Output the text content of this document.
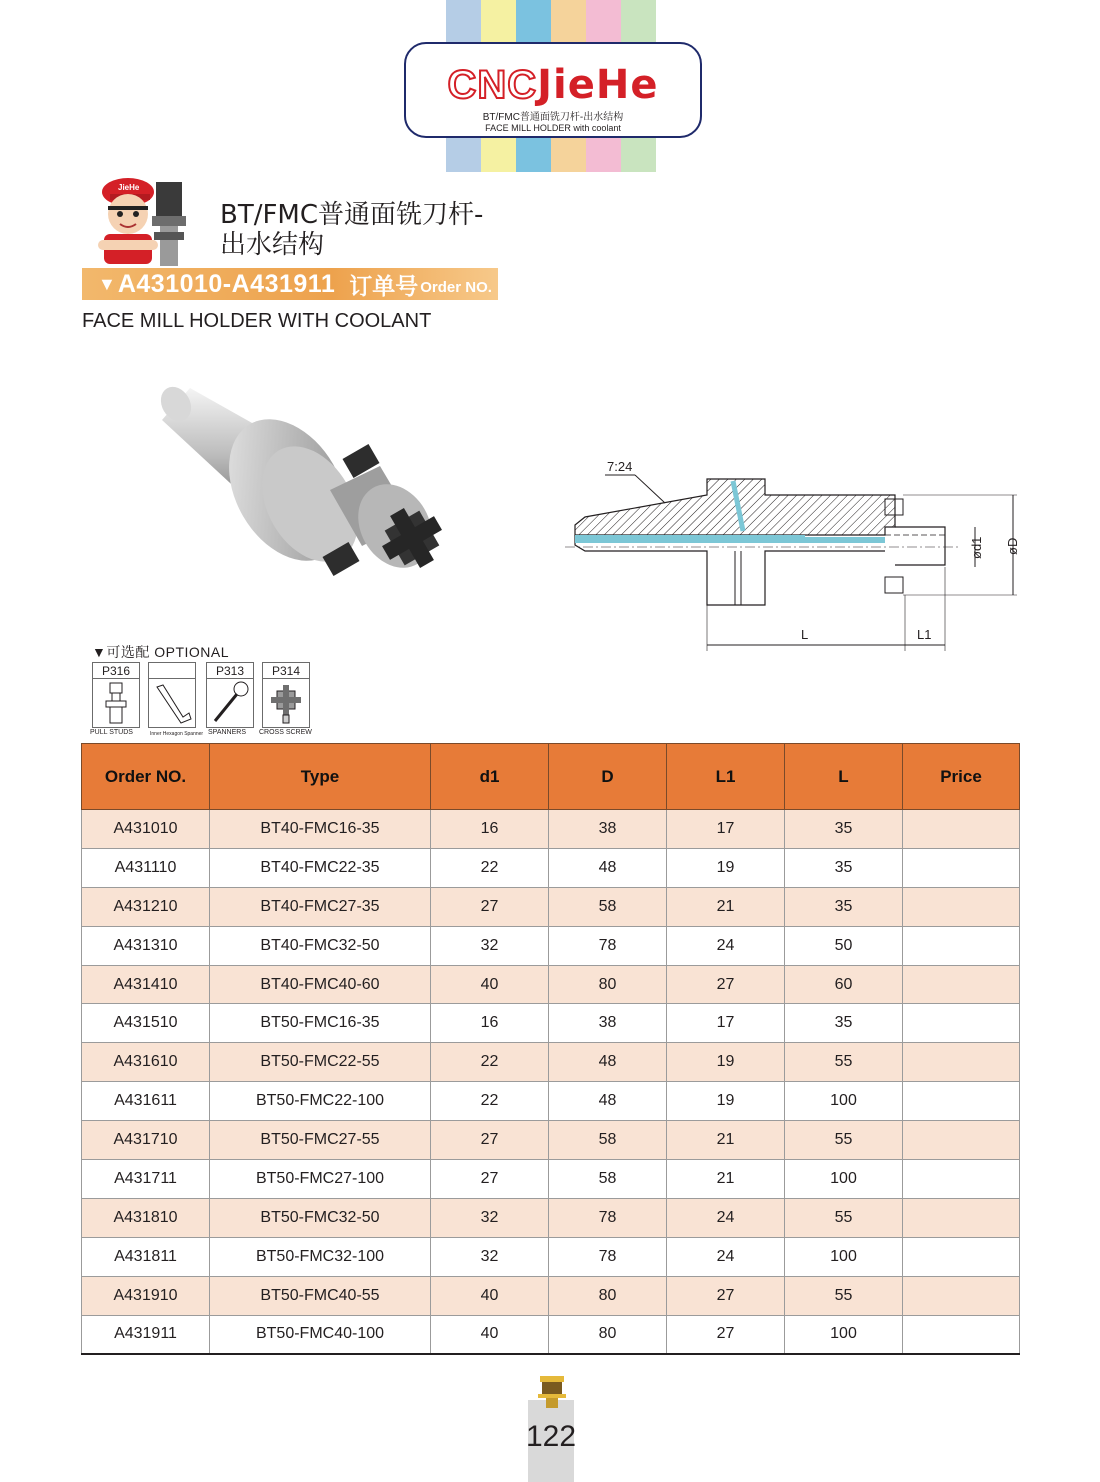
CNCJieHe
BT/FMC普通面铣刀杆-出水结构
FACE MILL HOLDER with coolant
JieHe
BT/FMC普通面铣刀杆-
出水结构
▼ A431010-A431911 订单号 Order NO.
FACE MILL HOLDER WITH COOLANT
7:24
ød1 øD
L	L1
▼可选配 OPTIONAL
P316
PULL STUDS	Inner Hexagon Spanner
P313
SPANNERS
P314
CROSS SCREW
Order NO.	Type	d1	D	L1	L	Price
A431010	BT40-FMC16-35	16	38	17	35	
A431110	BT40-FMC22-35	22	48	19	35	
A431210	BT40-FMC27-35	27	58	21	35	
A431310	BT40-FMC32-50	32	78	24	50	
A431410	BT40-FMC40-60	40	80	27	60	
A431510	BT50-FMC16-35	16	38	17	35	
A431610	BT50-FMC22-55	22	48	19	55	
A431611	BT50-FMC22-100	22	48	19	100	
A431710	BT50-FMC27-55	27	58	21	55	
A431711	BT50-FMC27-100	27	58	21	100	
A431810	BT50-FMC32-50	32	78	24	55	
A431811	BT50-FMC32-100	32	78	24	100	
A431910	BT50-FMC40-55	40	80	27	55	
A431911	BT50-FMC40-100	40	80	27	100	
122
